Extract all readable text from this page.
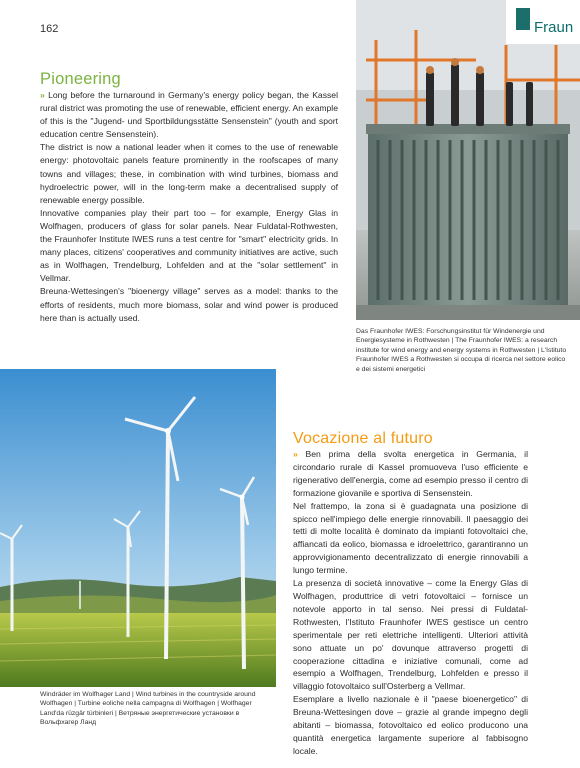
162
Pioneering

» Long before the turnaround in Germany's energy policy began, the Kassel rural district was promoting the use of renewable, efficient energy. An example of this is the "Jugend- und Sportbildungsstätte Sensenstein" (youth and sport education centre Sensenstein).

The district is now a national leader when it comes to the use of renewable energy: photovoltaic panels feature prominently in the roofscapes of many towns and villages; these, in combination with wind turbines, biomass and hydroelectric power, will in the long-term make a decentralised supply of renewable energy possible.

Innovative companies play their part too – for example, Energy Glas in Wolfhagen, producers of glass for solar panels. Near Fuldatal-Rothwesten, the Fraunhofer Institute IWES runs a test centre for "smart" electricity grids. In many places, citizens' cooperatives and community initiatives are active, such as in Wolfhagen, Trendelburg, Lohfelden and at the "solar settlement" in Vellmar.

Breuna-Wettesingen's "bioenergy village" serves as a model: thanks to the efforts of residents, much more biomass, solar and wind power is produced here than is actually used.

Fraun
Das Fraunhofer IWES: Forschungsinstitut für Windenergie und Energiesysteme in Rothwesten | The Fraunhofer IWES: a research institute for wind energy and energy systems in Rothwesten | L'Istituto Fraunhofer IWES a Rothwesten si occupa di ricerca nel settore eolico e dei sistemi energetici
Windräder im Wolfhager Land | Wind turbines in the countryside around Wolfhagen | Turbine eoliche nella campagna di Wolfhagen | Wolfhager Land'da rüzgâr türbinleri | Ветряные энергетические установки в Вольфхагер Ланд
Vocazione al futuro

» Ben prima della svolta energetica in Germania, il circondario rurale di Kassel promuoveva l'uso efficiente e rigenerativo dell'energia, come ad esempio presso il centro di formazione giovanile e sportiva di Sensenstein.

Nel frattempo, la zona si è guadagnata una posizione di spicco nell'impiego delle energie rinnovabili. Il paesaggio dei tetti di molte località è dominato da impianti fotovoltaici che, affiancati da eolico, biomassa e idroelettrico, garantiranno un approvvigionamento decentralizzato di energie rinnovabili a lungo termine.

La presenza di società innovative – come la Energy Glas di Wolfhagen, produttrice di vetri fotovoltaici – fornisce un notevole apporto in tal senso. Nei pressi di Fuldatal-Rothwesten, l'Istituto Fraunhofer IWES gestisce un centro sperimentale per reti elettriche intelligenti. Ulteriori attività sono attuate un po' dovunque attraverso progetti di cooperazione cittadina e iniziative comunali, come ad esempio a Wolfhagen, Trendelburg, Lohfelden e presso il villaggio fotovoltaico sull'Osterberg a Vellmar.

Esemplare a livello nazionale è il "paese bioenergetico" di Breuna-Wettesingen dove – grazie al grande impegno degli abitanti – biomassa, fotovoltaico ed eolico producono una quantità energetica largamente superiore al fabbisogno locale.
